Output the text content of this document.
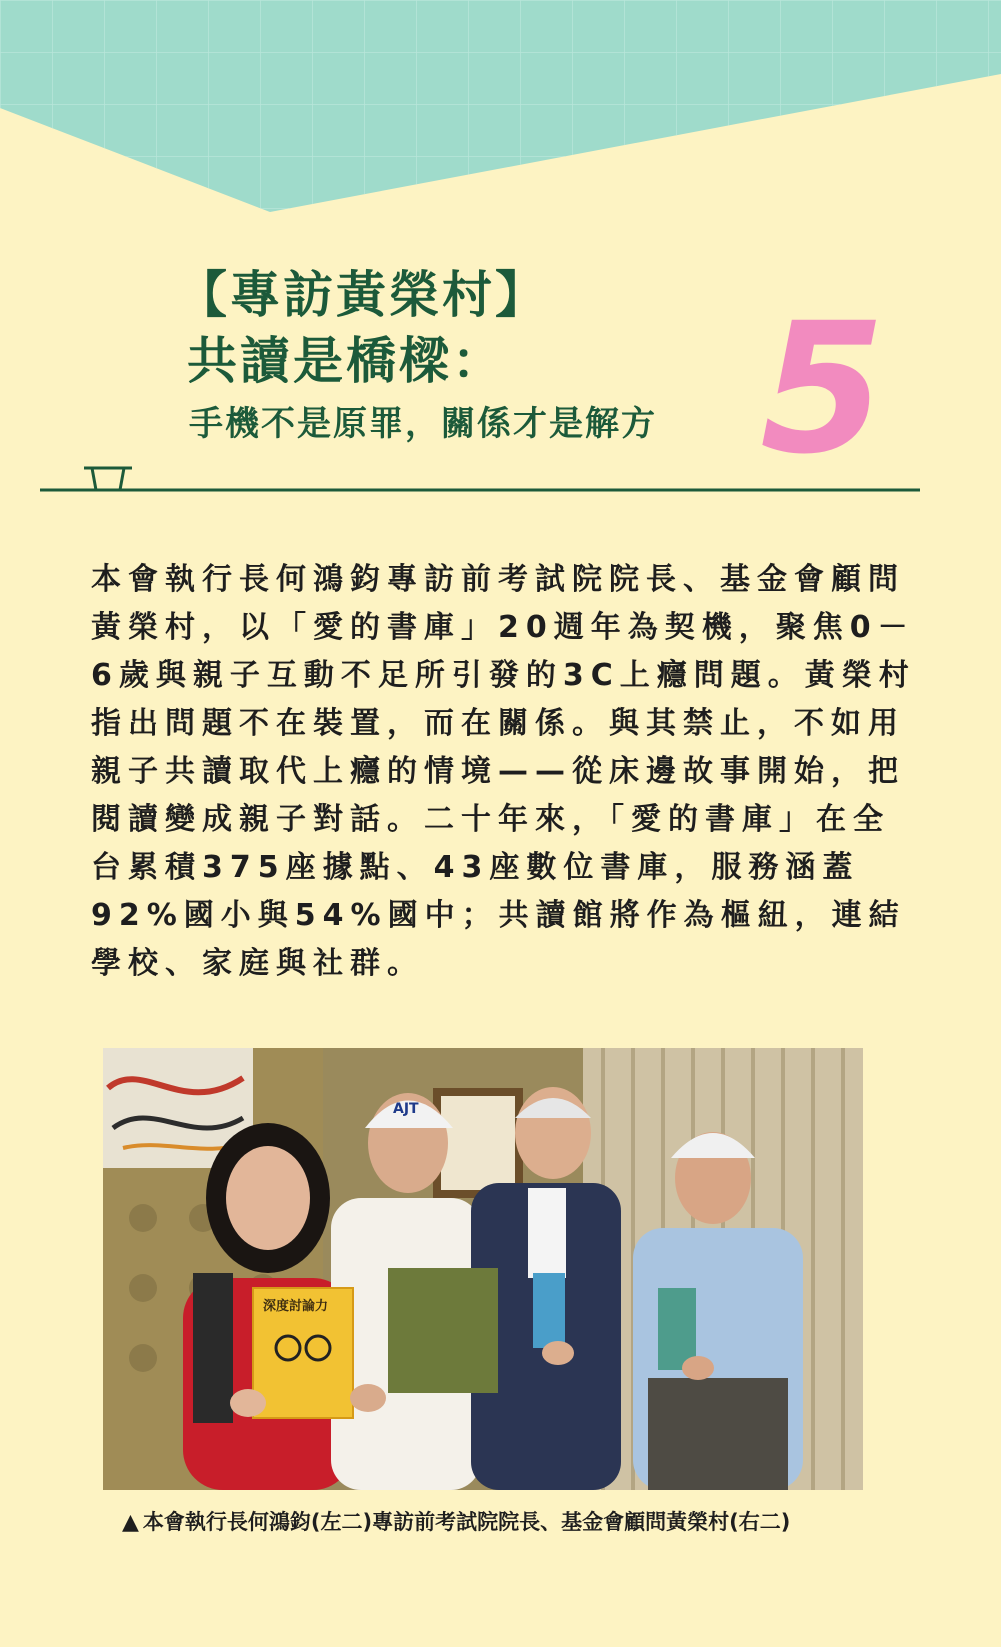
【專訪黃榮村】
共讀是橋樑：
手機不是原罪，關係才是解方 5

本會執行長何鴻鈞專訪前考試院院長、基金會顧問黃榮村，以「愛的書庫」20週年為契機，聚焦0－6歲與親子互動不足所引發的3C上癮問題。黃榮村指出問題不在裝置，而在關係。與其禁止，不如用親子共讀取代上癮的情境——從床邊故事開始，把閱讀變成親子對話。二十年來，「愛的書庫」在全台累積375座據點、43座數位書庫，服務涵蓋92%國小與54%國中；共讀館將作為樞紐，連結學校、家庭與社群。

AJT
深度討論力
▲ 本會執行長何鴻鈞(左二)專訪前考試院院長、基金會顧問黃榮村(右二)
